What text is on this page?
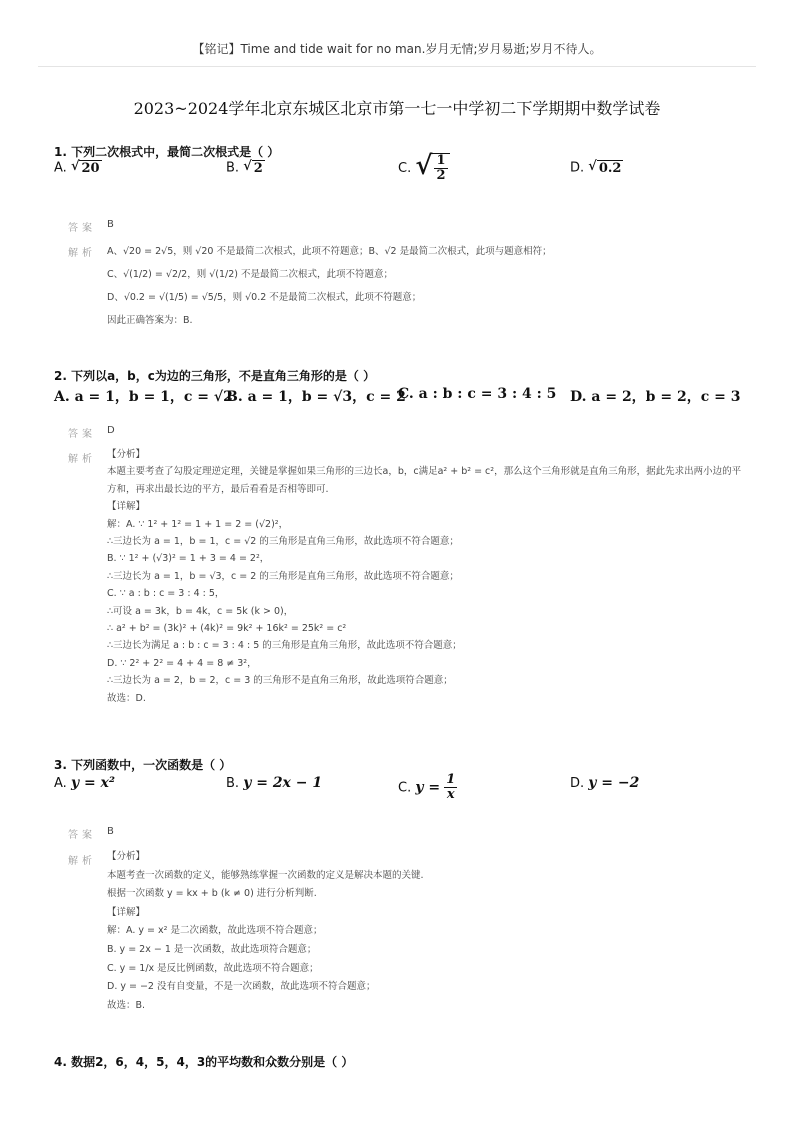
【铭记】Time and tide wait for no man.岁月无情;岁月易逝;岁月不待人。
2023~2024学年北京东城区北京市第一七一中学初二下学期期中数学试卷
1. 下列二次根式中，最简二次根式是（ ）
A. √ 20	B. √ 2	C. √ $\frac{1}{2}$	D. √ 0.2
答案 B
解析 A、√20 = 2√5，则 √20 不是最简二次根式，此项不符题意；B、√2 是最简二次根式，此项与题意相符；
C、√(1/2) = √2/2，则 √(1/2) 不是最简二次根式，此项不符题意；
D、√0.2 = √(1/5) = √5/5，则 √0.2 不是最简二次根式，此项不符题意；
因此正确答案为：B.
2. 下列以a，b，c为边的三角形，不是直角三角形的是（ ）
A. a = 1，b = 1，c = √2
B. a = 1，b = √3，c = 2
C. a : b : c = 3 : 4 : 5 D. a = 2，b = 2，c = 3
答案 D
解析 【分析】
本题主要考查了勾股定理逆定理，关键是掌握如果三角形的三边长a，b，c满足a² + b² = c²，那么这个三角形就是直角三角形，据此先求出两小边的平方和，再求出最长边的平方，最后看看是否相等即可.
【详解】
解：A. ∵ 1² + 1² = 1 + 1 = 2 = (√2)²，
∴三边长为 a = 1，b = 1，c = √2 的三角形是直角三角形，故此选项不符合题意；
B. ∵ 1² + (√3)² = 1 + 3 = 4 = 2²，
∴三边长为 a = 1，b = √3，c = 2 的三角形是直角三角形，故此选项不符合题意；
C. ∵ a : b : c = 3 : 4 : 5，
∴可设 a = 3k，b = 4k，c = 5k (k > 0)，
∴ a² + b² = (3k)² + (4k)² = 9k² + 16k² = 25k² = c²
∴三边长为满足 a : b : c = 3 : 4 : 5 的三角形是直角三角形，故此选项不符合题意；
D. ∵ 2² + 2² = 4 + 4 = 8 ≠ 3²，
∴三边长为 a = 2，b = 2，c = 3 的三角形不是直角三角形，故此选项符合题意；
故选：D.
3. 下列函数中，一次函数是（ ）
A. y = x²	B. y = 2x − 1	C. $y = \frac{1}{x}$	D. y = −2
答案 B
解析 【分析】
本题考查一次函数的定义，能够熟练掌握一次函数的定义是解决本题的关键.
根据一次函数 y = kx + b (k ≠ 0) 进行分析判断.
【详解】
解：A. y = x² 是二次函数，故此选项不符合题意；
B. y = 2x − 1 是一次函数，故此选项符合题意；
C. y = 1/x 是反比例函数，故此选项不符合题意；
D. y = −2 没有自变量，不是一次函数，故此选项不符合题意；
故选：B.
4. 数据2，6，4，5，4，3的平均数和众数分别是（ ）
